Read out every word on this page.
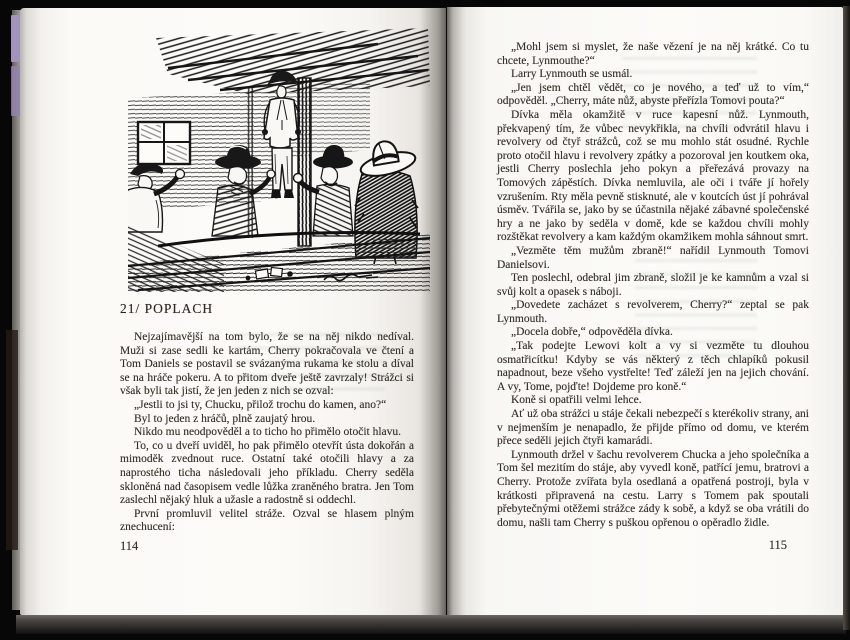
21/ POPLACH

Nejzajímavější na tom bylo, že se na něj nikdo nedíval. Muži si zase sedli ke kartám, Cherry pokračovala ve čtení a Tom Daniels se postavil se svázanýma rukama ke stolu a díval se na hráče pokeru. A to přitom dveře ještě zavrzaly! Strážci si však byli tak jistí, že jen jeden z nich se ozval:

„Jestli to jsi ty, Chucku, přilož trochu do kamen, ano?“

Byl to jeden z hráčů, plně zaujatý hrou.

Nikdo mu neodpověděl a to ticho ho přimělo otočit hlavu.

To, co u dveří uviděl, ho pak přimělo otevřít ústa dokořán a mimoděk zvednout ruce. Ostatní také otočili hlavy a za naprostého ticha následovali jeho příkladu. Cherry seděla skloněná nad časopisem vedle lůžka zraněného bratra. Jen Tom zaslechl nějaký hluk a užasle a radostně si oddechl.

První promluvil velitel stráže. Ozval se hlasem plným znechucení:

114

„Mohl jsem si myslet, že naše vězení je na něj krátké. Co tu chcete, Lynmouthe?“

Larry Lynmouth se usmál.

„Jen jsem chtěl vědět, co je nového, a teď už to vím,“ odpověděl. „Cherry, máte nůž, abyste přeřízla Tomovi pouta?“

Dívka měla okamžitě v ruce kapesní nůž. Lynmouth, překvapený tím, že vůbec nevykřikla, na chvíli odvrátil hlavu i revolvery od čtyř strážců, což se mu mohlo stát osudné. Rychle proto otočil hlavu i revolvery zpátky a pozoroval jen koutkem oka, jestli Cherry poslechla jeho pokyn a přeřezává provazy na Tomových zápěstích. Dívka nemluvila, ale oči i tváře jí hořely vzrušením. Rty měla pevně stisknuté, ale v koutcích úst jí pohrával úsměv. Tvářila se, jako by se účastnila nějaké zábavné společenské hry a ne jako by seděla v domě, kde se každou chvíli mohly rozštěkat revolvery a kam každým okamžikem mohla sáhnout smrt.

„Vezměte těm mužům zbraně!“ nařídil Lynmouth Tomovi Danielsovi.

Ten poslechl, odebral jim zbraně, složil je ke kamnům a vzal si svůj kolt a opasek s náboji.

„Dovedete zacházet s revolverem, Cherry?“ zeptal se pak Lynmouth.

„Docela dobře,“ odpověděla dívka.

„Tak podejte Lewovi kolt a vy si vezměte tu dlouhou osmatřicítku! Kdyby se vás některý z těch chlapíků pokusil napadnout, beze všeho vystřelte! Teď záleží jen na jejich chování. A vy, Tome, pojďte! Dojdeme pro koně.“

Koně si opatřili velmi lehce.

Ať už oba strážci u stáje čekali nebezpečí s kterékoliv strany, ani v nejmenším je nenapadlo, že přijde přímo od domu, ve kterém přece seděli jejich čtyři kamarádi.

Lynmouth držel v šachu revolverem Chucka a jeho společníka a Tom šel mezitím do stáje, aby vyvedl koně, patřící jemu, bratrovi a Cherry. Protože zvířata byla osedlaná a opatřená postroji, byla v krátkosti připravená na cestu. Larry s Tomem pak spoutali přebytečnými otěžemi strážce zády k sobě, a když se oba vrátili do domu, našli tam Cherry s puškou opřenou o opěradlo židle.

115
